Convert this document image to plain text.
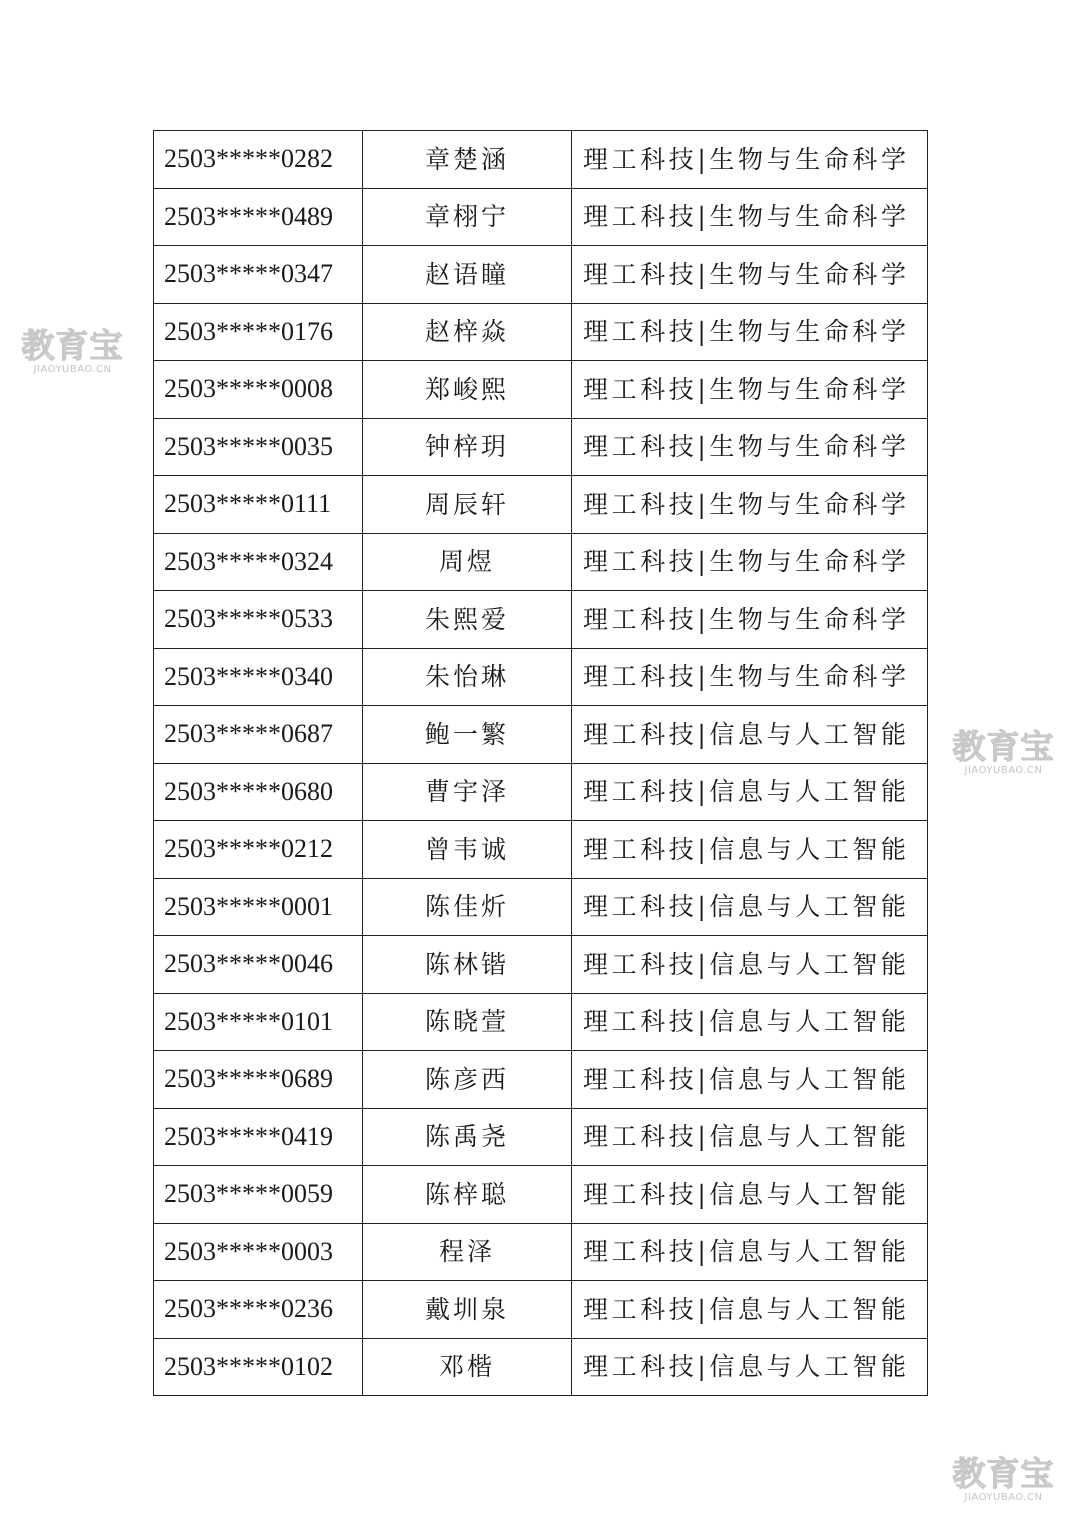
教育宝
JIAOYUBAO.CN
教育宝
JIAOYUBAO.CN
教育宝
JIAOYUBAO.CN
2503*****0282	章楚涵	理工科技|生物与生命科学
2503*****0489	章栩宁	理工科技|生物与生命科学
2503*****0347	赵语瞳	理工科技|生物与生命科学
2503*****0176	赵梓焱	理工科技|生物与生命科学
2503*****0008	郑峻熙	理工科技|生物与生命科学
2503*****0035	钟梓玥	理工科技|生物与生命科学
2503*****0111	周辰轩	理工科技|生物与生命科学
2503*****0324	周煜	理工科技|生物与生命科学
2503*****0533	朱熙爱	理工科技|生物与生命科学
2503*****0340	朱怡琳	理工科技|生物与生命科学
2503*****0687	鲍一繁	理工科技|信息与人工智能
2503*****0680	曹宇泽	理工科技|信息与人工智能
2503*****0212	曾韦诚	理工科技|信息与人工智能
2503*****0001	陈佳炘	理工科技|信息与人工智能
2503*****0046	陈林锴	理工科技|信息与人工智能
2503*****0101	陈晓萱	理工科技|信息与人工智能
2503*****0689	陈彦西	理工科技|信息与人工智能
2503*****0419	陈禹尧	理工科技|信息与人工智能
2503*****0059	陈梓聪	理工科技|信息与人工智能
2503*****0003	程泽	理工科技|信息与人工智能
2503*****0236	戴圳泉	理工科技|信息与人工智能
2503*****0102	邓楷	理工科技|信息与人工智能
